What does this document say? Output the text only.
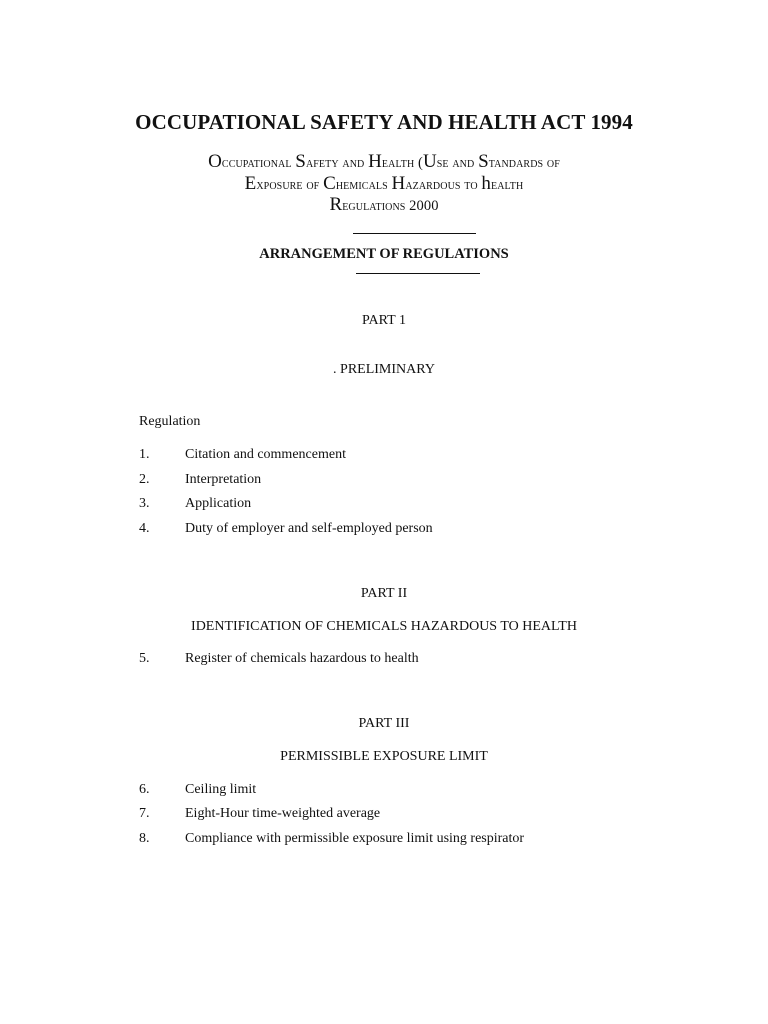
OCCUPATIONAL SAFETY AND HEALTH ACT 1994
Occupational Safety and Health (Use and Standards of
Exposure of Chemicals Hazardous to health
Regulations 2000
ARRANGEMENT OF REGULATIONS
PART 1
. PRELIMINARY
Regulation
1.	Citation and commencement
2.	Interpretation
3.	Application
4.	Duty of employer and self-employed person
PART II
IDENTIFICATION OF CHEMICALS HAZARDOUS TO HEALTH
5.	Register of chemicals hazardous to health
PART III
PERMISSIBLE EXPOSURE LIMIT
6.	Ceiling limit
7.	Eight-Hour time-weighted average
8.	Compliance with permissible exposure limit using respirator
